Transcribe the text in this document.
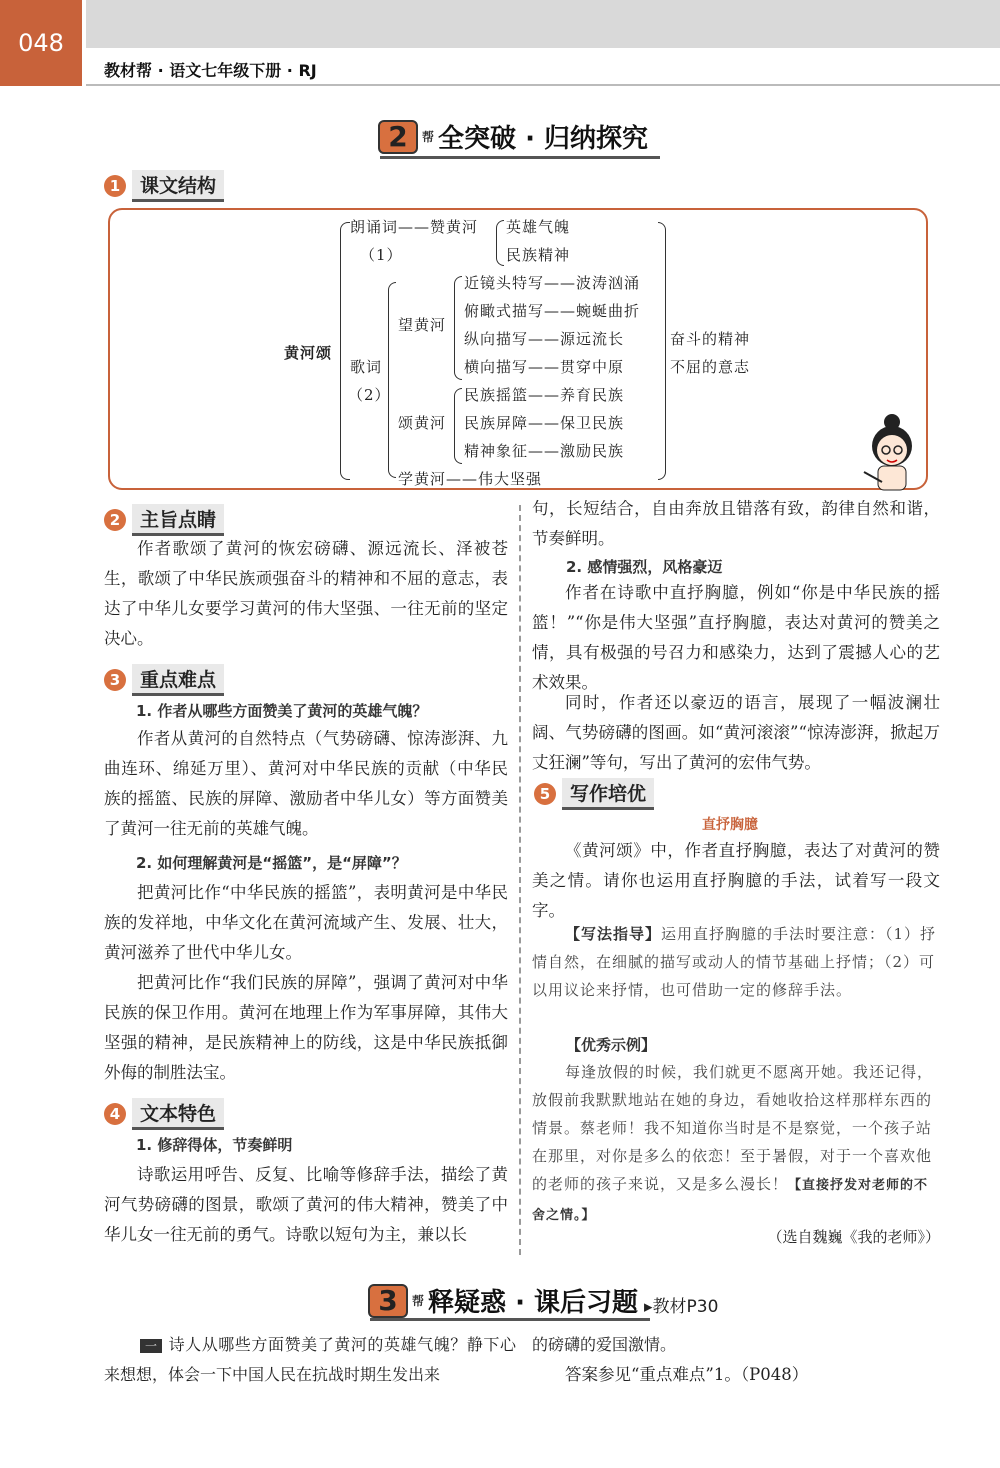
048
教材帮 · 语文七年级下册 · RJ
2	帮 全突破 · 归纳探究
1	课文结构
黄河颂
朗诵词——赞黄河
（1）
英雄气魄
民族精神
歌词
（2）
望黄河
近镜头特写——波涛汹涌
俯瞰式描写——蜿蜒曲折
纵向描写——源远流长
横向描写——贯穿中原
颂黄河
民族摇篮——养育民族
民族屏障——保卫民族
精神象征——激励民族
学黄河——伟大坚强
奋斗的精神
不屈的意志
2	主旨点睛
作者歌颂了黄河的恢宏磅礴、源远流长、泽被苍生，歌颂了中华民族顽强奋斗的精神和不屈的意志，表达了中华儿女要学习黄河的伟大坚强、一往无前的坚定决心。
3	重点难点
1. 作者从哪些方面赞美了黄河的英雄气魄？
作者从黄河的自然特点（气势磅礴、惊涛澎湃、九曲连环、绵延万里）、黄河对中华民族的贡献（中华民族的摇篮、民族的屏障、激励者中华儿女）等方面赞美了黄河一往无前的英雄气魄。
2. 如何理解黄河是“摇篮”，是“屏障”？
把黄河比作“中华民族的摇篮”，表明黄河是中华民族的发祥地，中华文化在黄河流域产生、发展、壮大，黄河滋养了世代中华儿女。
把黄河比作“我们民族的屏障”，强调了黄河对中华民族的保卫作用。黄河在地理上作为军事屏障，其伟大坚强的精神，是民族精神上的防线，这是中华民族抵御外侮的制胜法宝。
4	文本特色
1. 修辞得体，节奏鲜明
诗歌运用呼告、反复、比喻等修辞手法，描绘了黄河气势磅礴的图景，歌颂了黄河的伟大精神，赞美了中华儿女一往无前的勇气。诗歌以短句为主，兼以长
句，长短结合，自由奔放且错落有致，韵律自然和谐，节奏鲜明。
2. 感情强烈，风格豪迈
作者在诗歌中直抒胸臆，例如“你是中华民族的摇篮！”“你是伟大坚强”直抒胸臆，表达对黄河的赞美之情，具有极强的号召力和感染力，达到了震撼人心的艺术效果。
同时，作者还以豪迈的语言，展现了一幅波澜壮阔、气势磅礴的图画。如“黄河滚滚”“惊涛澎湃，掀起万丈狂澜”等句，写出了黄河的宏伟气势。
5	写作培优
直抒胸臆
《黄河颂》中，作者直抒胸臆，表达了对黄河的赞美之情。请你也运用直抒胸臆的手法，试着写一段文字。
【写法指导】运用直抒胸臆的手法时要注意：（1）抒情自然，在细腻的描写或动人的情节基础上抒情；（2）可以用议论来抒情，也可借助一定的修辞手法。
【优秀示例】
每逢放假的时候，我们就更不愿离开她。我还记得，放假前我默默地站在她的身边，看她收拾这样那样东西的情景。蔡老师！我不知道你当时是不是察觉，一个孩子站在那里，对你是多么的依恋！至于暑假，对于一个喜欢他的老师的孩子来说，又是多么漫长！【直接抒发对老师的不舍之情。】
（选自魏巍《我的老师》）
3	帮 释疑惑 · 课后习题 ▸教材P30
一 诗人从哪些方面赞美了黄河的英雄气魄？静下心来想想，体会一下中国人民在抗战时期生发出来
的磅礴的爱国激情。
答案参见“重点难点”1。（P048）
